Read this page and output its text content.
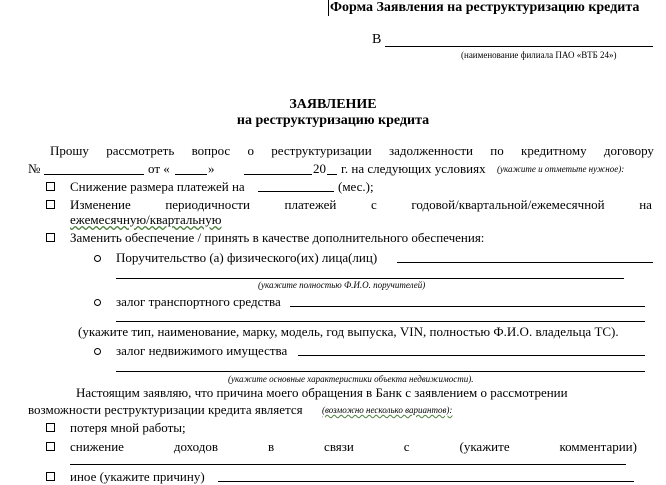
Форма Заявления на реструктуризацию кредита
В
(наименование филиала ПАО «ВТБ 24»)
ЗАЯВЛЕНИЕ
на реструктуризацию кредита
Прошу рассмотреть вопрос о реструктуризации задолженности по кредитному договору
№	от «	»	20 г. на следующих условиях (укажите и отметьте нужное):
Снижение размера платежей на	(мес.);
Изменение	периодичности	платежей	с	годовой/квартальной/ежемесячной	на
ежемесячную/квартальную
Заменить обеспечение / принять в качестве дополнительного обеспечения:
Поручительство (а) физического(их) лица(лиц)
(укажите полностью Ф.И.О. поручителей)
залог транспортного средства
(укажите тип, наименование, марку, модель, год выпуска, VIN, полностью Ф.И.О. владельца ТС).
залог недвижимого имущества
(укажите основные характеристики объекта недвижимости).
Настоящим заявляю, что причина моего обращения в Банк с заявлением о рассмотрении
возможности реструктуризации кредита является (возможно несколько вариантов):
потеря мной работы;
снижение	доходов	в	связи	с	(укажите	комментарии)
иное (укажите причину)
